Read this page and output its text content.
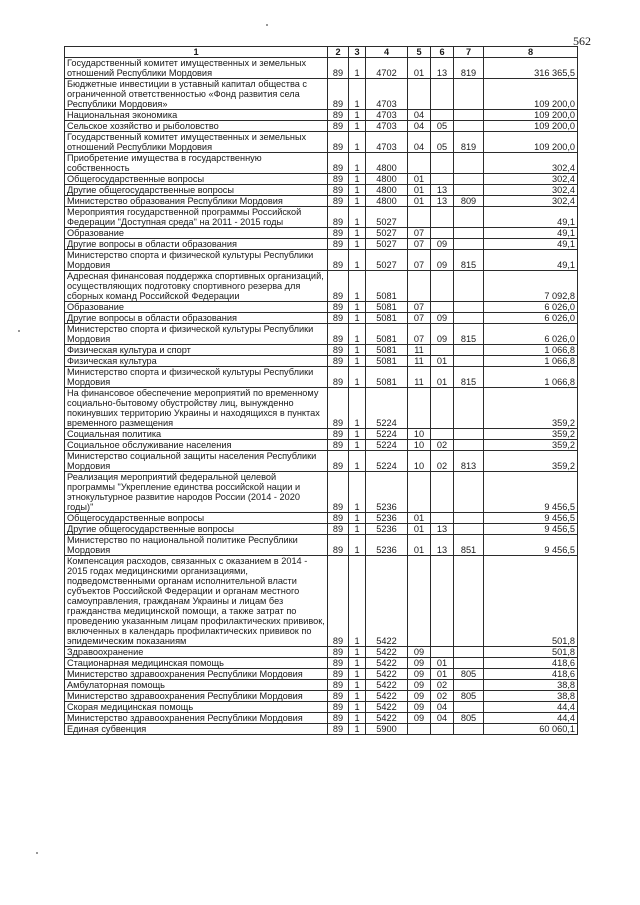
562
1	2	3	4	5	6	7	8
Государственный комитет имущественных и земельных отношений Республики Мордовия	89	1	4702	01	13	819	316 365,5
Бюджетные инвестиции в уставный капитал общества с ограниченной ответственностью «Фонд развития села Республики Мордовия»	89	1	4703				109 200,0
Национальная экономика	89	1	4703	04			109 200,0
Сельское хозяйство и рыболовство	89	1	4703	04	05		109 200,0
Государственный комитет имущественных и земельных отношений Республики Мордовия	89	1	4703	04	05	819	109 200,0
Приобретение имущества в государственную собственность	89	1	4800				302,4
Общегосударственные вопросы	89	1	4800	01			302,4
Другие общегосударственные вопросы	89	1	4800	01	13		302,4
Министерство образования Республики Мордовия	89	1	4800	01	13	809	302,4
Мероприятия государственной программы Российской Федерации "Доступная среда" на 2011 - 2015 годы	89	1	5027				49,1
Образование	89	1	5027	07			49,1
Другие вопросы в области образования	89	1	5027	07	09		49,1
Министерство спорта и физической культуры Республики Мордовия	89	1	5027	07	09	815	49,1
Адресная финансовая поддержка спортивных организаций, осуществляющих подготовку спортивного резерва для сборных команд Российской Федерации	89	1	5081				7 092,8
Образование	89	1	5081	07			6 026,0
Другие вопросы в области образования	89	1	5081	07	09		6 026,0
Министерство спорта и физической культуры Республики Мордовия	89	1	5081	07	09	815	6 026,0
Физическая культура и спорт	89	1	5081	11			1 066,8
Физическая культура	89	1	5081	11	01		1 066,8
Министерство спорта и физической культуры Республики Мордовия	89	1	5081	11	01	815	1 066,8
На финансовое обеспечение мероприятий по временному социально-бытовому обустройству лиц, вынужденно покинувших территорию Украины и находящихся в пунктах временного размещения	89	1	5224				359,2
Социальная политика	89	1	5224	10			359,2
Социальное обслуживание населения	89	1	5224	10	02		359,2
Министерство социальной защиты населения Республики Мордовия	89	1	5224	10	02	813	359,2
Реализация мероприятий федеральной целевой программы "Укрепление единства российской нации и этнокультурное развитие народов России (2014 - 2020 годы)"	89	1	5236				9 456,5
Общегосударственные вопросы	89	1	5236	01			9 456,5
Другие общегосударственные вопросы	89	1	5236	01	13		9 456,5
Министерство по национальной политике Республики Мордовия	89	1	5236	01	13	851	9 456,5
Компенсация расходов, связанных с оказанием в 2014 - 2015 годах медицинскими организациями, подведомственными органам исполнительной власти субъектов Российской Федерации и органам местного самоуправления, гражданам Украины и лицам без гражданства медицинской помощи, а также затрат по проведению указанным лицам профилактических прививок, включенных в календарь профилактических прививок по эпидемическим показаниям	89	1	5422				501,8
Здравоохранение	89	1	5422	09			501,8
Стационарная медицинская помощь	89	1	5422	09	01		418,6
Министерство здравоохранения Республики Мордовия	89	1	5422	09	01	805	418,6
Амбулаторная помощь	89	1	5422	09	02		38,8
Министерство здравоохранения Республики Мордовия	89	1	5422	09	02	805	38,8
Скорая медицинская помощь	89	1	5422	09	04		44,4
Министерство здравоохранения Республики Мордовия	89	1	5422	09	04	805	44,4
Единая субвенция	89	1	5900				60 060,1
